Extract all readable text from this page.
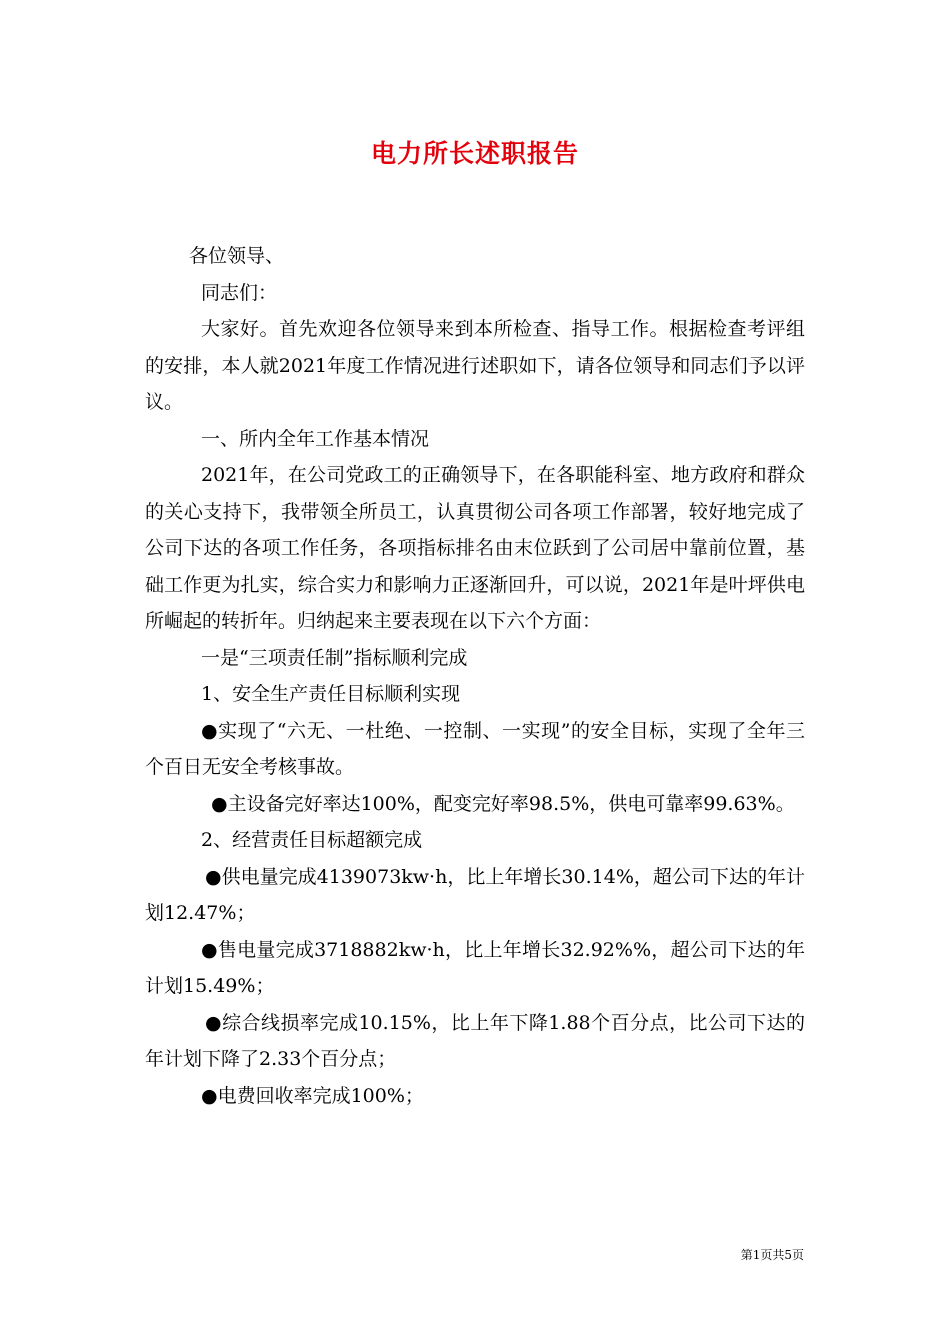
电力所长述职报告

各位领导、

同志们：

大家好。首先欢迎各位领导来到本所检查、指导工作。根据检查考评组的安排，本人就2021年度工作情况进行述职如下，请各位领导和同志们予以评议。

一、所内全年工作基本情况

2021年，在公司党政工的正确领导下，在各职能科室、地方政府和群众的关心支持下，我带领全所员工，认真贯彻公司各项工作部署，较好地完成了公司下达的各项工作任务，各项指标排名由末位跃到了公司居中靠前位置，基础工作更为扎实，综合实力和影响力正逐渐回升，可以说，2021年是叶坪供电所崛起的转折年。归纳起来主要表现在以下六个方面：

一是“三项责任制”指标顺利完成

1、安全生产责任目标顺利实现

●实现了“六无、一杜绝、一控制、一实现”的安全目标，实现了全年三个百日无安全考核事故。

●主设备完好率达100%，配变完好率98.5%，供电可靠率99.63%。

2、经营责任目标超额完成

●供电量完成4139073kw·h，比上年增长30.14%，超公司下达的年计划12.47%；

●售电量完成3718882kw·h，比上年增长32.92%%，超公司下达的年计划15.49%；

●综合线损率完成10.15%，比上年下降1.88个百分点，比公司下达的年计划下降了2.33个百分点；

●电费回收率完成100%；

第1页共5页
